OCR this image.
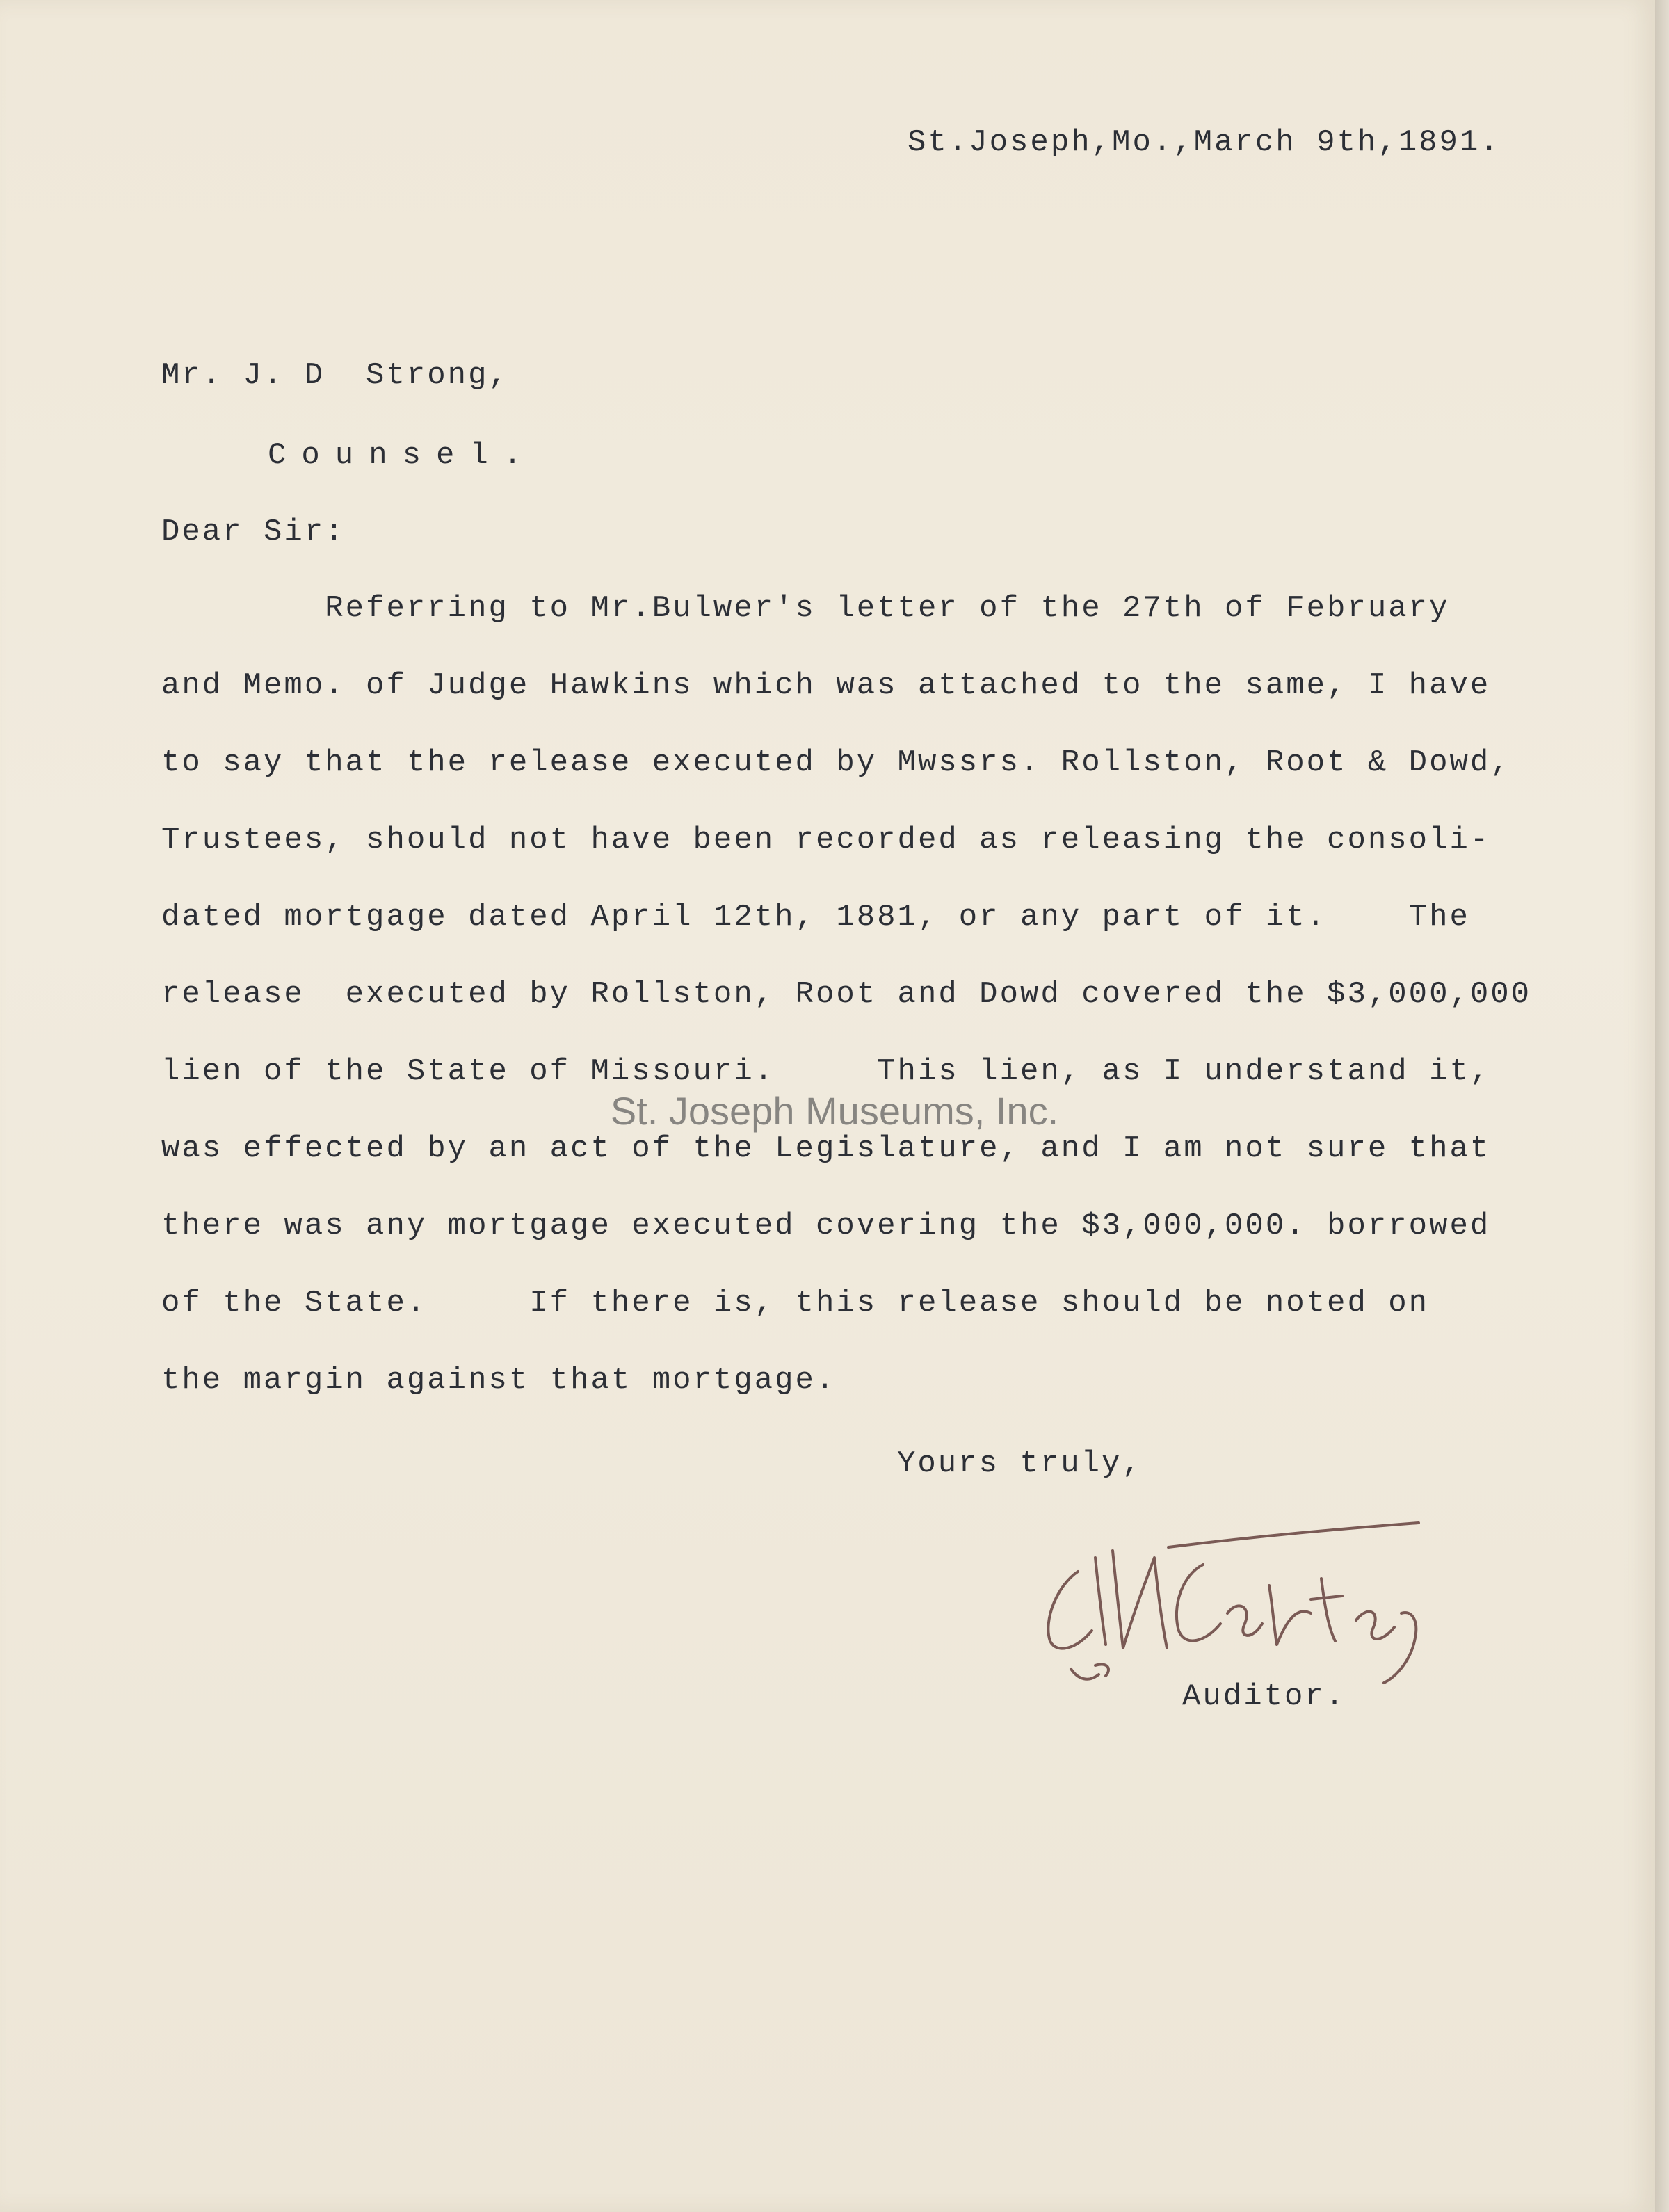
St.Joseph,Mo.,March 9th,1891.

Mr. J. D  Strong,

Counsel.

Dear Sir:

Referring to Mr.Bulwer's letter of the 27th of February

and Memo. of Judge Hawkins which was attached to the same, I have

to say that the release executed by Mwssrs. Rollston, Root & Dowd,

Trustees, should not have been recorded as releasing the consoli-

dated mortgage dated April 12th, 1881, or any part of it.    The

release  executed by Rollston, Root and Dowd covered the $3,000,000

lien of the State of Missouri.     This lien, as I understand it,

was effected by an act of the Legislature, and I am not sure that

there was any mortgage executed covering the $3,000,000. borrowed

of the State.     If there is, this release should be noted on

the margin against that mortgage.

St. Joseph Museums, Inc.

Yours truly,

Auditor.
